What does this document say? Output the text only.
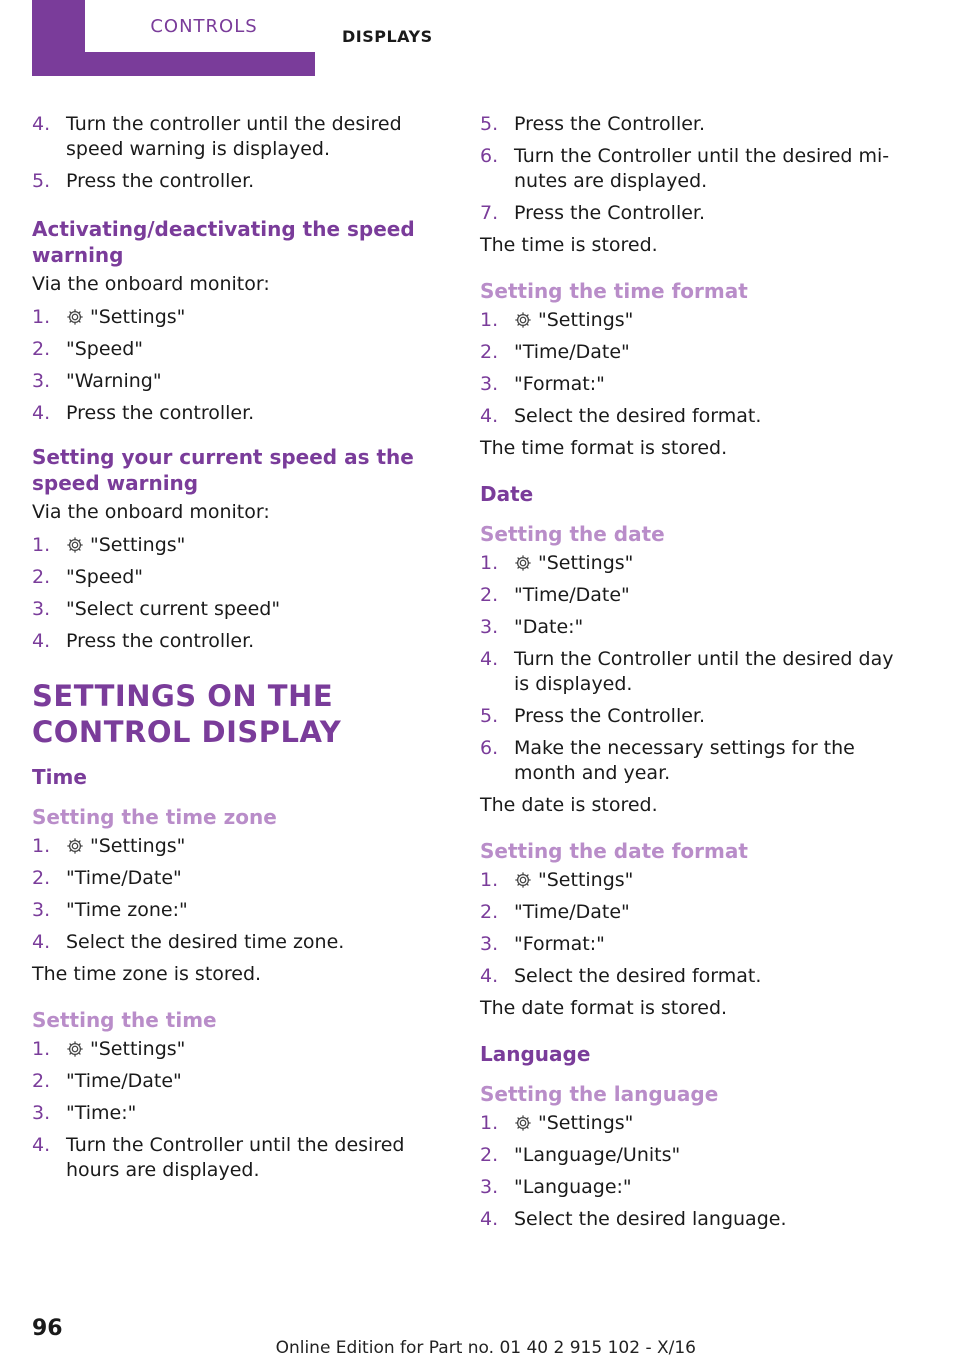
CONTROLS	DISPLAYS
4. Turn the controller until the desired speed warning is displayed.
5. Press the controller.
Activating/deactivating the speed warning

Via the onboard monitor:

1. "Settings"
2. "Speed"
3. "Warning"
4. Press the controller.
Setting your current speed as the speed warning

Via the onboard monitor:

1. "Settings"
2. "Speed"
3. "Select current speed"
4. Press the controller.
SETTINGS ON THE CONTROL DISPLAY
Time
Setting the time zone
1. "Settings"
2. "Time/Date"
3. "Time zone:"
4. Select the desired time zone.

The time zone is stored.

Setting the time
1. "Settings"
2. "Time/Date"
3. "Time:"
4. Turn the Controller until the desired hours are displayed.
5. Press the Controller.
6. Turn the Controller until the desired minutes are displayed.
7. Press the Controller.

The time is stored.

Setting the time format
1. "Settings"
2. "Time/Date"
3. "Format:"
4. Select the desired format.

The time format is stored.

Date
Setting the date
1. "Settings"
2. "Time/Date"
3. "Date:"
4. Turn the Controller until the desired day is displayed.
5. Press the Controller.
6. Make the necessary settings for the month and year.

The date is stored.

Setting the date format
1. "Settings"
2. "Time/Date"
3. "Format:"
4. Select the desired format.

The date format is stored.

Language
Setting the language
1. "Settings"
2. "Language/Units"
3. "Language:"
4. Select the desired language.
96
Online Edition for Part no. 01 40 2 915 102 - X/16
